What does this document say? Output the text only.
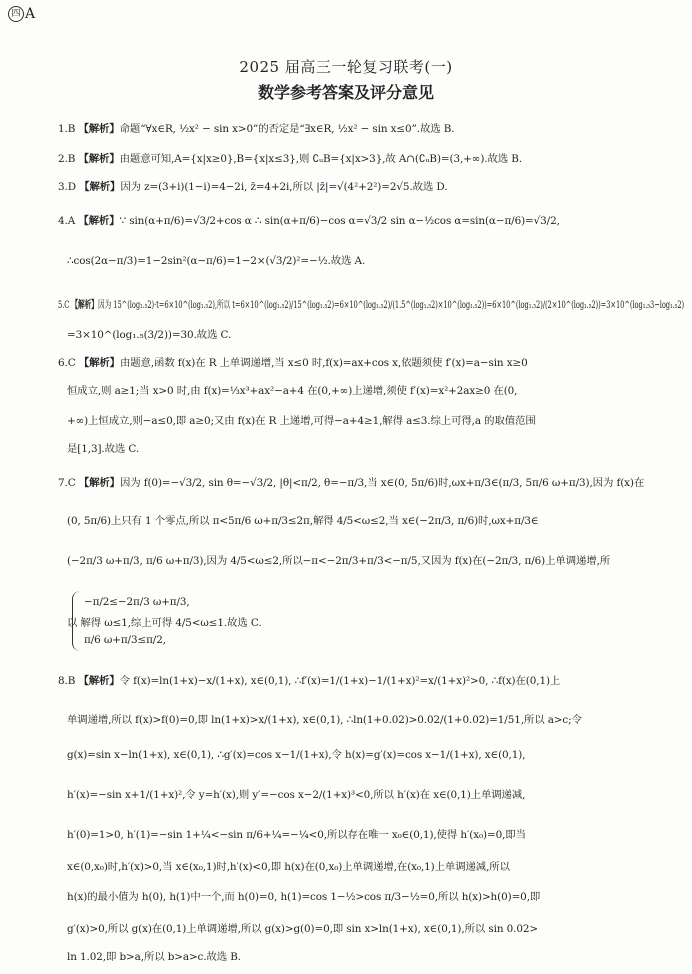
四 A
2025 届高三一轮复习联考(一)
数学参考答案及评分意见
1.B 【解析】命题“∀x∈R, ½x² − sin x>0”的否定是“∃x∈R, ½x² − sin x≤0”.故选 B.
2.B 【解析】由题意可知,A={x|x≥0},B={x|x≤3},则 ∁ᵤB={x|x>3},故 A∩(∁ᵤB)=(3,+∞).故选 B.
3.D 【解析】因为 z=(3+i)(1−i)=4−2i, z̄=4+2i,所以 |z̄|=√(4²+2²)=2√5.故选 D.
4.A 【解析】∵ sin(α+π/6)=√3/2+cos α ∴ sin(α+π/6)−cos α=√3/2 sin α−½cos α=sin(α−π/6)=√3/2,
∴cos(2α−π/3)=1−2sin²(α−π/6)=1−2×(√3/2)²=−½.故选 A.
5.C 【解析】因为 15^(log₁.₅2)·t=6×10^(log₁.₅2),所以 t=6×10^(log₁.₅2)/15^(log₁.₅2)=6×10^(log₁.₅2)/(1.5^(log₁.₅2)×10^(log₁.₅2))=6×10^(log₁.₅2)/(2×10^(log₁.₅2))=3×10^(log₁.₅3−log₁.₅2)
=3×10^(log₁.₅(3/2))=30.故选 C.
6.C 【解析】由题意,函数 f(x)在 R 上单调递增,当 x≤0 时,f(x)=ax+cos x,依题须使 f′(x)=a−sin x≥0
恒成立,则 a≥1;当 x>0 时,由 f(x)=⅓x³+ax²−a+4 在(0,+∞)上递增,须使 f′(x)=x²+2ax≥0 在(0,
+∞)上恒成立,则−a≤0,即 a≥0;又由 f(x)在 R 上递增,可得−a+4≥1,解得 a≤3.综上可得,a 的取值范围
是[1,3].故选 C.
7.C 【解析】因为 f(0)=−√3/2, sin θ=−√3/2, |θ|<π/2, θ=−π/3,当 x∈(0, 5π/6)时,ωx+π/3∈(π/3, 5π/6 ω+π/3),因为 f(x)在
(0, 5π/6)上只有 1 个零点,所以 π<5π/6 ω+π/3≤2π,解得 4/5<ω≤2,当 x∈(−2π/3, π/6)时,ωx+π/3∈
(−2π/3 ω+π/3, π/6 ω+π/3),因为 4/5<ω≤2,所以−π<−2π/3+π/3<−π/5,又因为 f(x)在(−2π/3, π/6)上单调递增,所
−π/2≤−2π/3 ω+π/3,
以 解得 ω≤1,综上可得 4/5<ω≤1.故选 C.
π/6 ω+π/3≤π/2,
8.B 【解析】令 f(x)=ln(1+x)−x/(1+x), x∈(0,1), ∴f′(x)=1/(1+x)−1/(1+x)²=x/(1+x)²>0, ∴f(x)在(0,1)上
单调递增,所以 f(x)>f(0)=0,即 ln(1+x)>x/(1+x), x∈(0,1), ∴ln(1+0.02)>0.02/(1+0.02)=1/51,所以 a>c;令
g(x)=sin x−ln(1+x), x∈(0,1), ∴g′(x)=cos x−1/(1+x),令 h(x)=g′(x)=cos x−1/(1+x), x∈(0,1),
h′(x)=−sin x+1/(1+x)²,令 y=h′(x),则 y′=−cos x−2/(1+x)³<0,所以 h′(x)在 x∈(0,1)上单调递减,
h′(0)=1>0, h′(1)=−sin 1+¼<−sin π/6+¼=−¼<0,所以存在唯一 x₀∈(0,1),使得 h′(x₀)=0,即当
x∈(0,x₀)时,h′(x)>0,当 x∈(x₀,1)时,h′(x)<0,即 h(x)在(0,x₀)上单调递增,在(x₀,1)上单调递减,所以
h(x)的最小值为 h(0), h(1)中一个,而 h(0)=0, h(1)=cos 1−½>cos π/3−½=0,所以 h(x)>h(0)=0,即
g′(x)>0,所以 g(x)在(0,1)上单调递增,所以 g(x)>g(0)=0,即 sin x>ln(1+x), x∈(0,1),所以 sin 0.02>
ln 1.02,即 b>a,所以 b>a>c.故选 B.
